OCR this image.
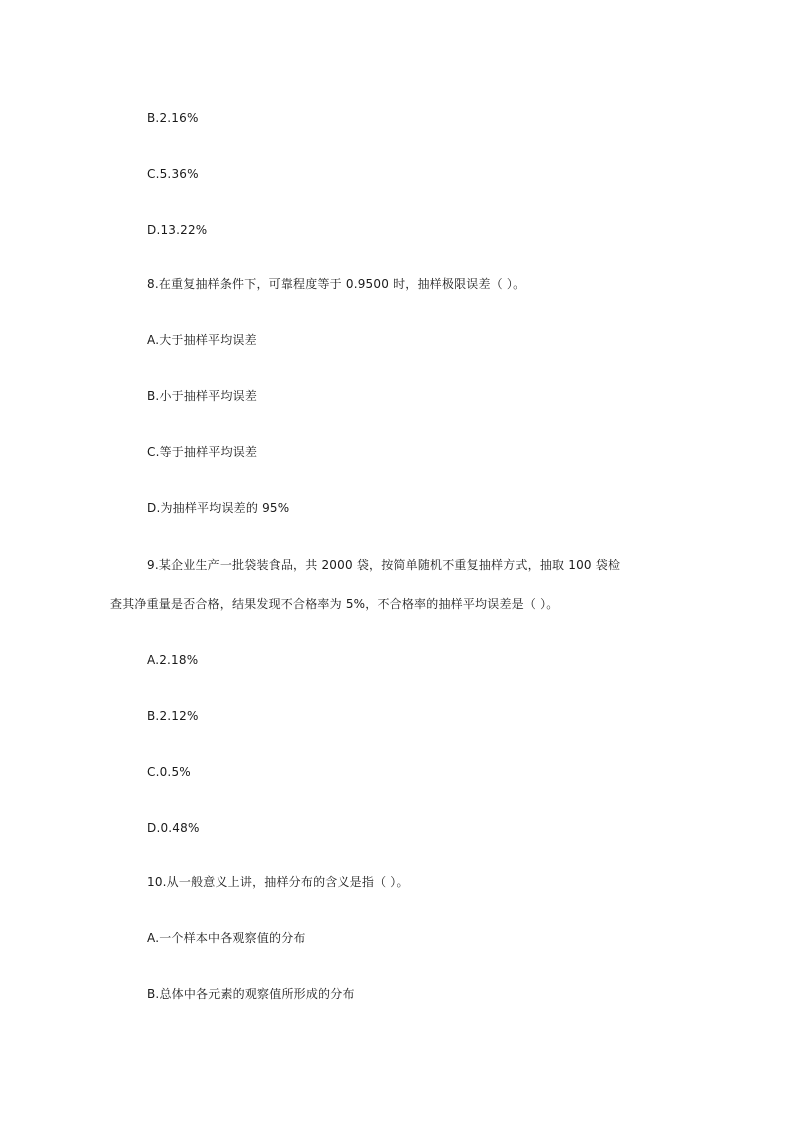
B.2.16%
C.5.36%
D.13.22%
8.在重复抽样条件下，可靠程度等于 0.9500 时，抽样极限误差（ ）。
A.大于抽样平均误差
B.小于抽样平均误差
C.等于抽样平均误差
D.为抽样平均误差的 95%
9.某企业生产一批袋装食品，共 2000 袋，按简单随机不重复抽样方式，抽取 100 袋检
查其净重量是否合格，结果发现不合格率为 5%，不合格率的抽样平均误差是（ ）。
A.2.18%
B.2.12%
C.0.5%
D.0.48%
10.从一般意义上讲，抽样分布的含义是指（ ）。
A.一个样本中各观察值的分布
B.总体中各元素的观察值所形成的分布
